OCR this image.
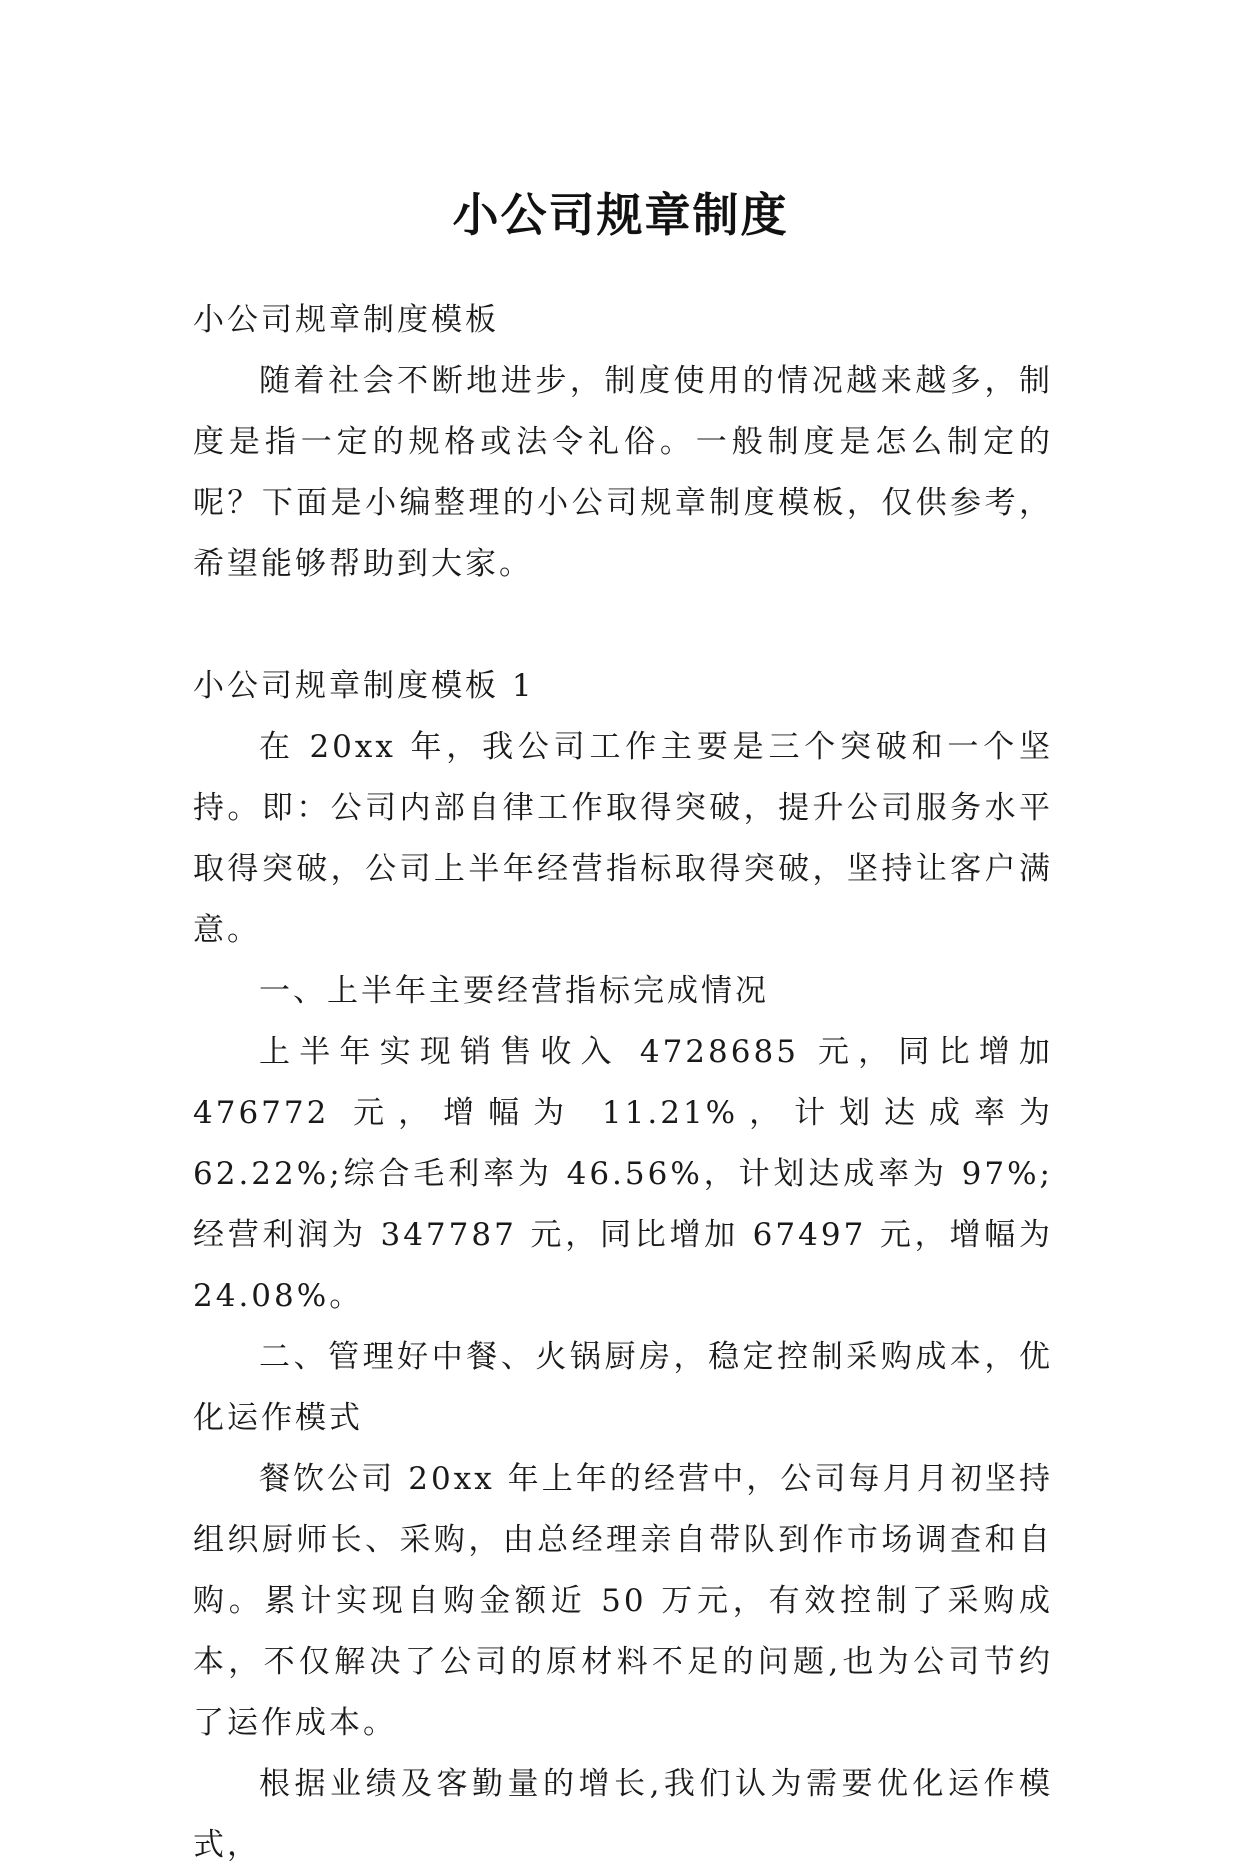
小公司规章制度

小公司规章制度模板

随着社会不断地进步，制度使用的情况越来越多，制度是指一定的规格或法令礼俗。一般制度是怎么制定的呢？下面是小编整理的小公司规章制度模板，仅供参考，希望能够帮助到大家。

小公司规章制度模板 1

在 20xx 年，我公司工作主要是三个突破和一个坚持。即：公司内部自律工作取得突破，提升公司服务水平取得突破，公司上半年经营指标取得突破，坚持让客户满意。

一、上半年主要经营指标完成情况

上半年实现销售收入 4728685 元，同比增加 476772 元，增幅为 11.21%，计划达成率为 62.22%;综合毛利率为 46.56%，计划达成率为 97%;经营利润为 347787 元，同比增加 67497 元，增幅为 24.08%。

二、管理好中餐、火锅厨房，稳定控制采购成本，优化运作模式

餐饮公司 20xx 年上年的经营中，公司每月月初坚持组织厨师长、采购，由总经理亲自带队到作市场调查和自购。累计实现自购金额近 50 万元，有效控制了采购成本，不仅解决了公司的原材料不足的问题,也为公司节约了运作成本。

根据业绩及客勤量的增长,我们认为需要优化运作模式，
